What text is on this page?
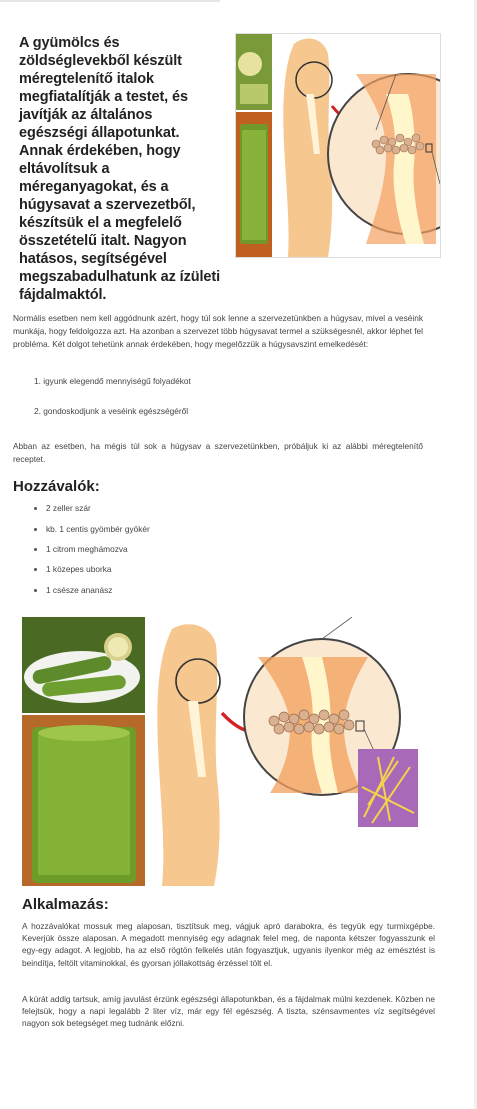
A gyümölcs és zöldséglevekből készült méregtelenítő italok megfiatalítják a testet, és javítják az általános egészségi állapotunkat. Annak érdekében, hogy eltávolítsuk a méreganyagokat, és a húgysavat a szervezetből, készítsük el a megfelelő összetételű italt. Nagyon hatásos, segítségével megszabadulhatunk az ízületi fájdalmaktól.
Normális esetben nem kell aggódnunk azért, hogy túl sok lenne a szervezetünkben a húgysav, mivel a veséink munkája, hogy feldolgozza azt. Ha azonban a szervezet több húgysavat termel a szükségesnél, akkor léphet fel probléma. Két dolgot tehetünk annak érdekében, hogy megelőzzük a húgysavszint emelkedését:
1. igyunk elegendő mennyiségű folyadékot
2. gondoskodjunk a veséink egészségéről
Abban az esetben, ha mégis túl sok a húgysav a szervezetünkben, próbáljuk ki az alábbi méregtelenítő receptet.
Hozzávalók:
2 zeller szár
kb. 1 centis gyömbér gyökér
1 citrom meghámozva
1 közepes uborka
1 csésze ananász
Alkalmazás:
A hozzávalókat mossuk meg alaposan, tisztítsuk meg, vágjuk apró darabokra, és tegyük egy turmixgépbe. Keverjük össze alaposan. A megadott mennyiség egy adagnak felel meg, de naponta kétszer fogyasszunk el egy-egy adagot. A legjobb, ha az első rögtön felkelés után fogyasztjuk, ugyanis ilyenkor még az emésztést is beindítja, feltölt vitaminokkal, és gyorsan jóllakottság érzéssel tölt el.
A kúrát addig tartsuk, amíg javulást érzünk egészségi állapotunkban, és a fájdalmak múlni kezdenek. Közben ne felejtsük, hogy a napi legalább 2 liter víz, már egy fél egészség. A tiszta, szénsavmentes víz segítségével nagyon sok betegséget meg tudnánk előzni.
